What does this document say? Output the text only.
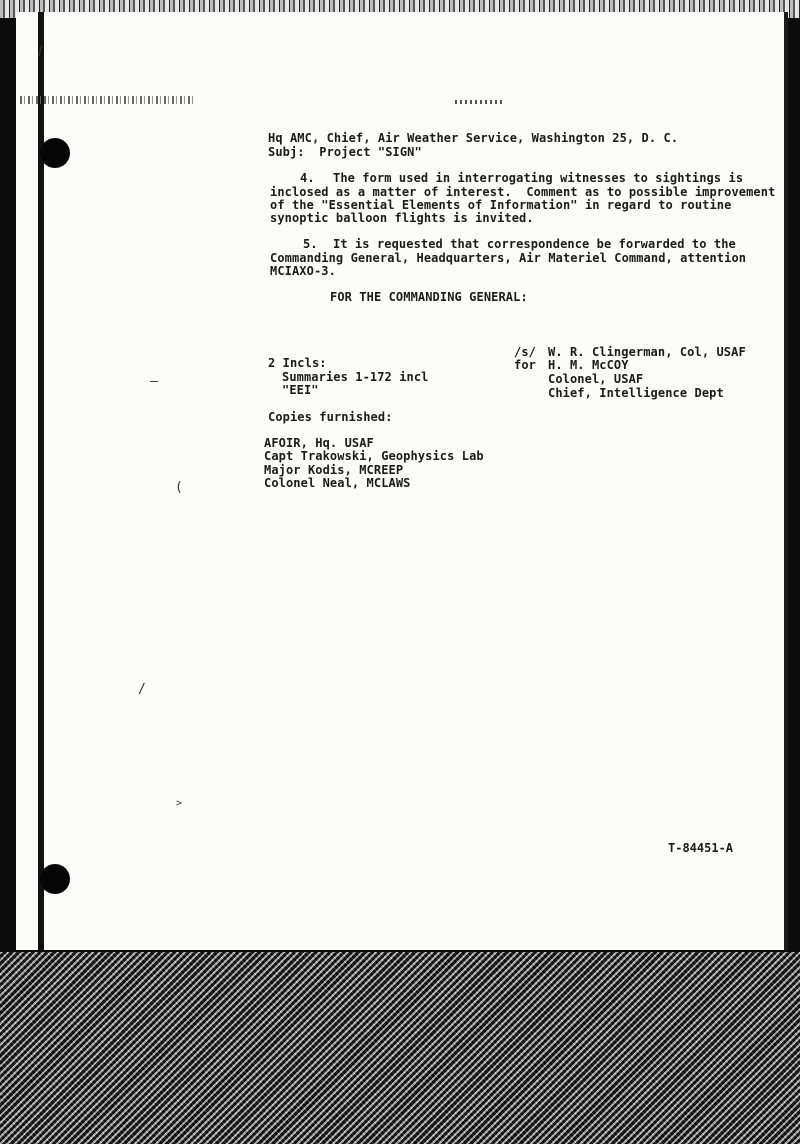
\
—
(
/
>
Hq AMC, Chief, Air Weather Service, Washington 25, D. C.
Subj:  Project "SIGN"
4. The form used in interrogating witnesses to sightings is
inclosed as a matter of interest.  Comment as to possible improvement
of the "Essential Elements of Information" in regard to routine
synoptic balloon flights is invited.
5. It is requested that correspondence be forwarded to the
Commanding General, Headquarters, Air Materiel Command, attention
MCIAXO-3.
FOR THE COMMANDING GENERAL:
2 Incls:
Summaries 1-172 incl
"EEI"
/s/
for
W. R. Clingerman, Col, USAF
H. M. McCOY
Colonel, USAF
Chief, Intelligence Dept
Copies furnished:
AFOIR, Hq. USAF
Capt Trakowski, Geophysics Lab
Major Kodis, MCREEP
Colonel Neal, MCLAWS
T-84451-A
